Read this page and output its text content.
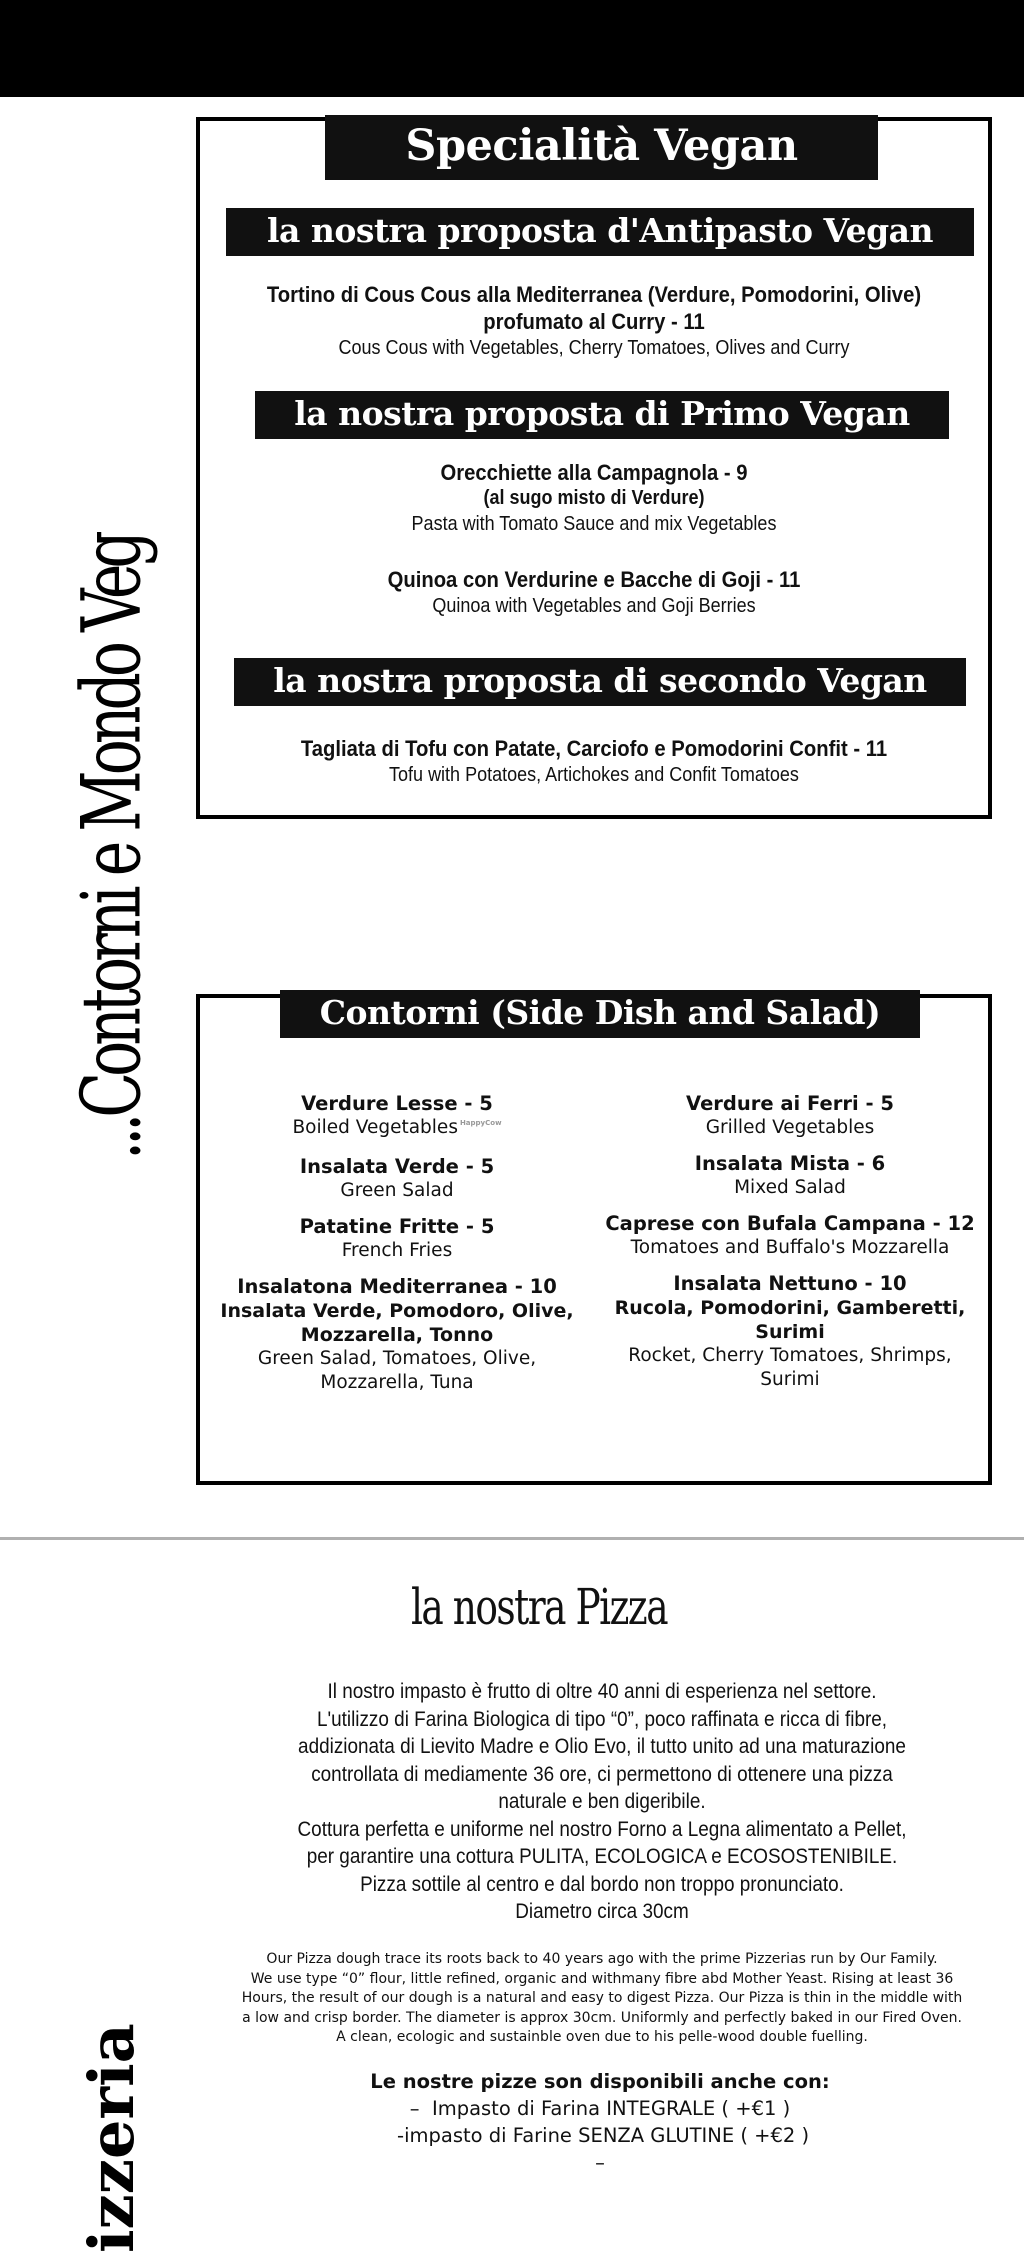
...Contorni e Mondo Veg
Specialità Vegan
la nostra proposta d'Antipasto Vegan
Tortino di Cous Cous alla Mediterranea (Verdure, Pomodorini, Olive)
profumato al Curry - 11
Cous Cous with Vegetables, Cherry Tomatoes, Olives and Curry
la nostra proposta di Primo Vegan
Orecchiette alla Campagnola - 9
(al sugo misto di Verdure)
Pasta with Tomato Sauce and mix Vegetables
Quinoa con Verdurine e Bacche di Goji - 11
Quinoa with Vegetables and Goji Berries
la nostra proposta di secondo Vegan
Tagliata di Tofu con Patate, Carciofo e Pomodorini Confit - 11
Tofu with Potatoes, Artichokes and Confit Tomatoes
Contorni (Side Dish and Salad)
Verdure Lesse - 5
Boiled Vegetables $^{HappyCow}$
Insalata Verde - 5
Green Salad
Patatine Fritte - 5
French Fries
Insalatona Mediterranea - 10
Insalata Verde, Pomodoro, Olive,
Mozzarella, Tonno
Green Salad, Tomatoes, Olive,
Mozzarella, Tuna
Verdure ai Ferri - 5
Grilled Vegetables
Insalata Mista - 6
Mixed Salad
Caprese con Bufala Campana - 12
Tomatoes and Buffalo's Mozzarella
Insalata Nettuno - 10
Rucola, Pomodorini, Gamberetti,
Surimi
Rocket, Cherry Tomatoes, Shrimps,
Surimi
izzeria
la nostra Pizza
Il nostro impasto è frutto di oltre 40 anni di esperienza nel settore.
L'utilizzo di Farina Biologica di tipo “0”, poco raffinata e ricca di fibre,
addizionata di Lievito Madre e Olio Evo, il tutto unito ad una maturazione
controllata di mediamente 36 ore, ci permettono di ottenere una pizza
naturale e ben digeribile.
Cottura perfetta e uniforme nel nostro Forno a Legna alimentato a Pellet,
per garantire una cottura PULITA, ECOLOGICA e ECOSOSTENIBILE.
Pizza sottile al centro e dal bordo non troppo pronunciato.
Diametro circa 30cm
Our Pizza dough trace its roots back to 40 years ago with the prime Pizzerias run by Our Family.
We use type “0” flour, little refined, organic and withmany fibre abd Mother Yeast. Rising at least 36
Hours, the result of our dough is a natural and easy to digest Pizza. Our Pizza is thin in the middle with
a low and crisp border. The diameter is approx 30cm. Uniformly and perfectly baked in our Fired Oven.
A clean, ecologic and sustainble oven due to his pelle-wood double fuelling.
Le nostre pizze son disponibili anche con:
–  Impasto di Farina INTEGRALE ( +€1 )
-impasto di Farine SENZA GLUTINE ( +€2 )
–
